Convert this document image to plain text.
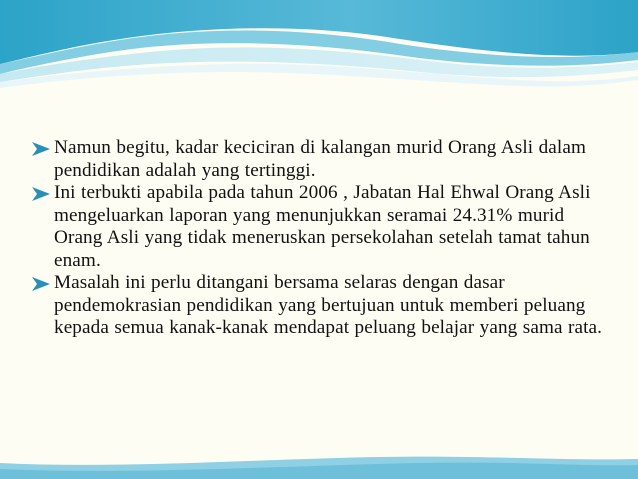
Namun begitu, kadar keciciran di kalangan murid Orang Asli dalam pendidikan adalah yang tertinggi.
Ini terbukti apabila pada tahun 2006 , Jabatan Hal Ehwal Orang Asli mengeluarkan laporan yang menunjukkan seramai 24.31% murid Orang Asli yang tidak meneruskan persekolahan setelah tamat tahun enam.
Masalah ini perlu ditangani bersama selaras dengan dasar pendemokrasian pendidikan yang bertujuan untuk memberi peluang kepada semua kanak-kanak mendapat peluang belajar yang sama rata.
